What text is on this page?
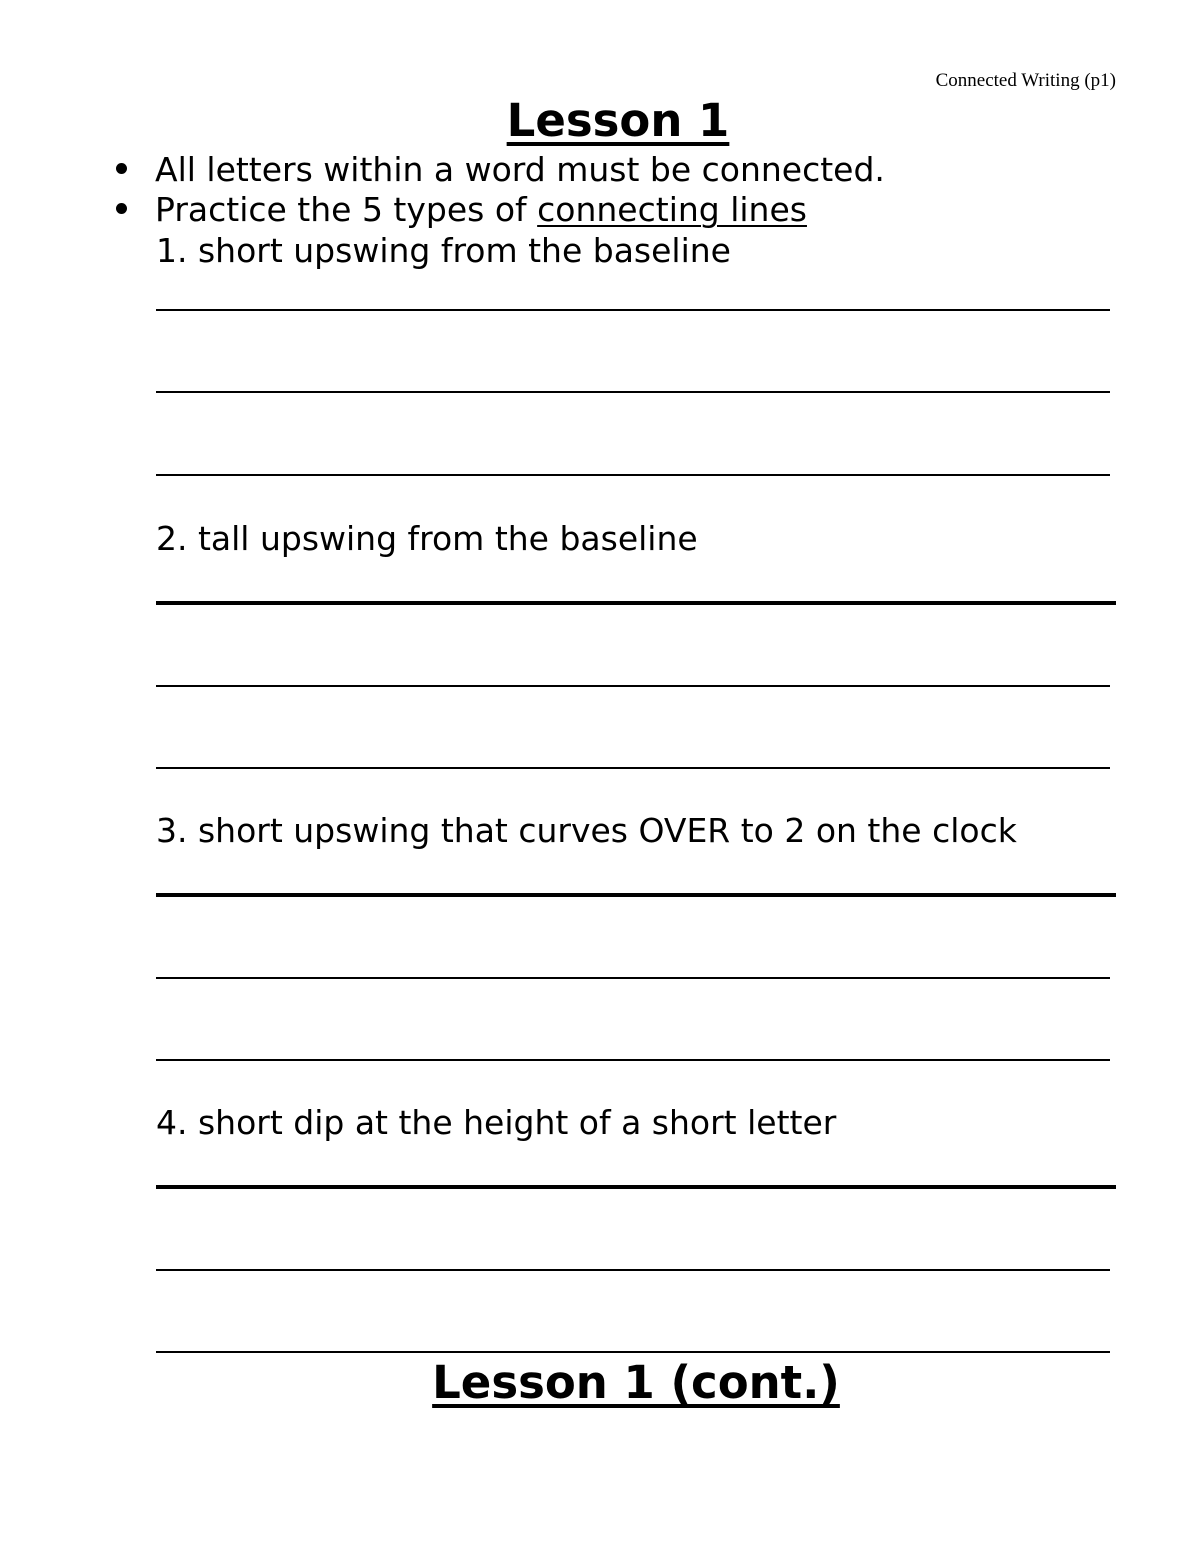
Connected Writing (p1)
Lesson 1
All letters within a word must be connected.
Practice the 5 types of connecting lines
1. short upswing from the baseline
2. tall upswing from the baseline
3. short upswing that curves OVER to 2 on the clock
4. short dip at the height of a short letter
Lesson 1 (cont.)
